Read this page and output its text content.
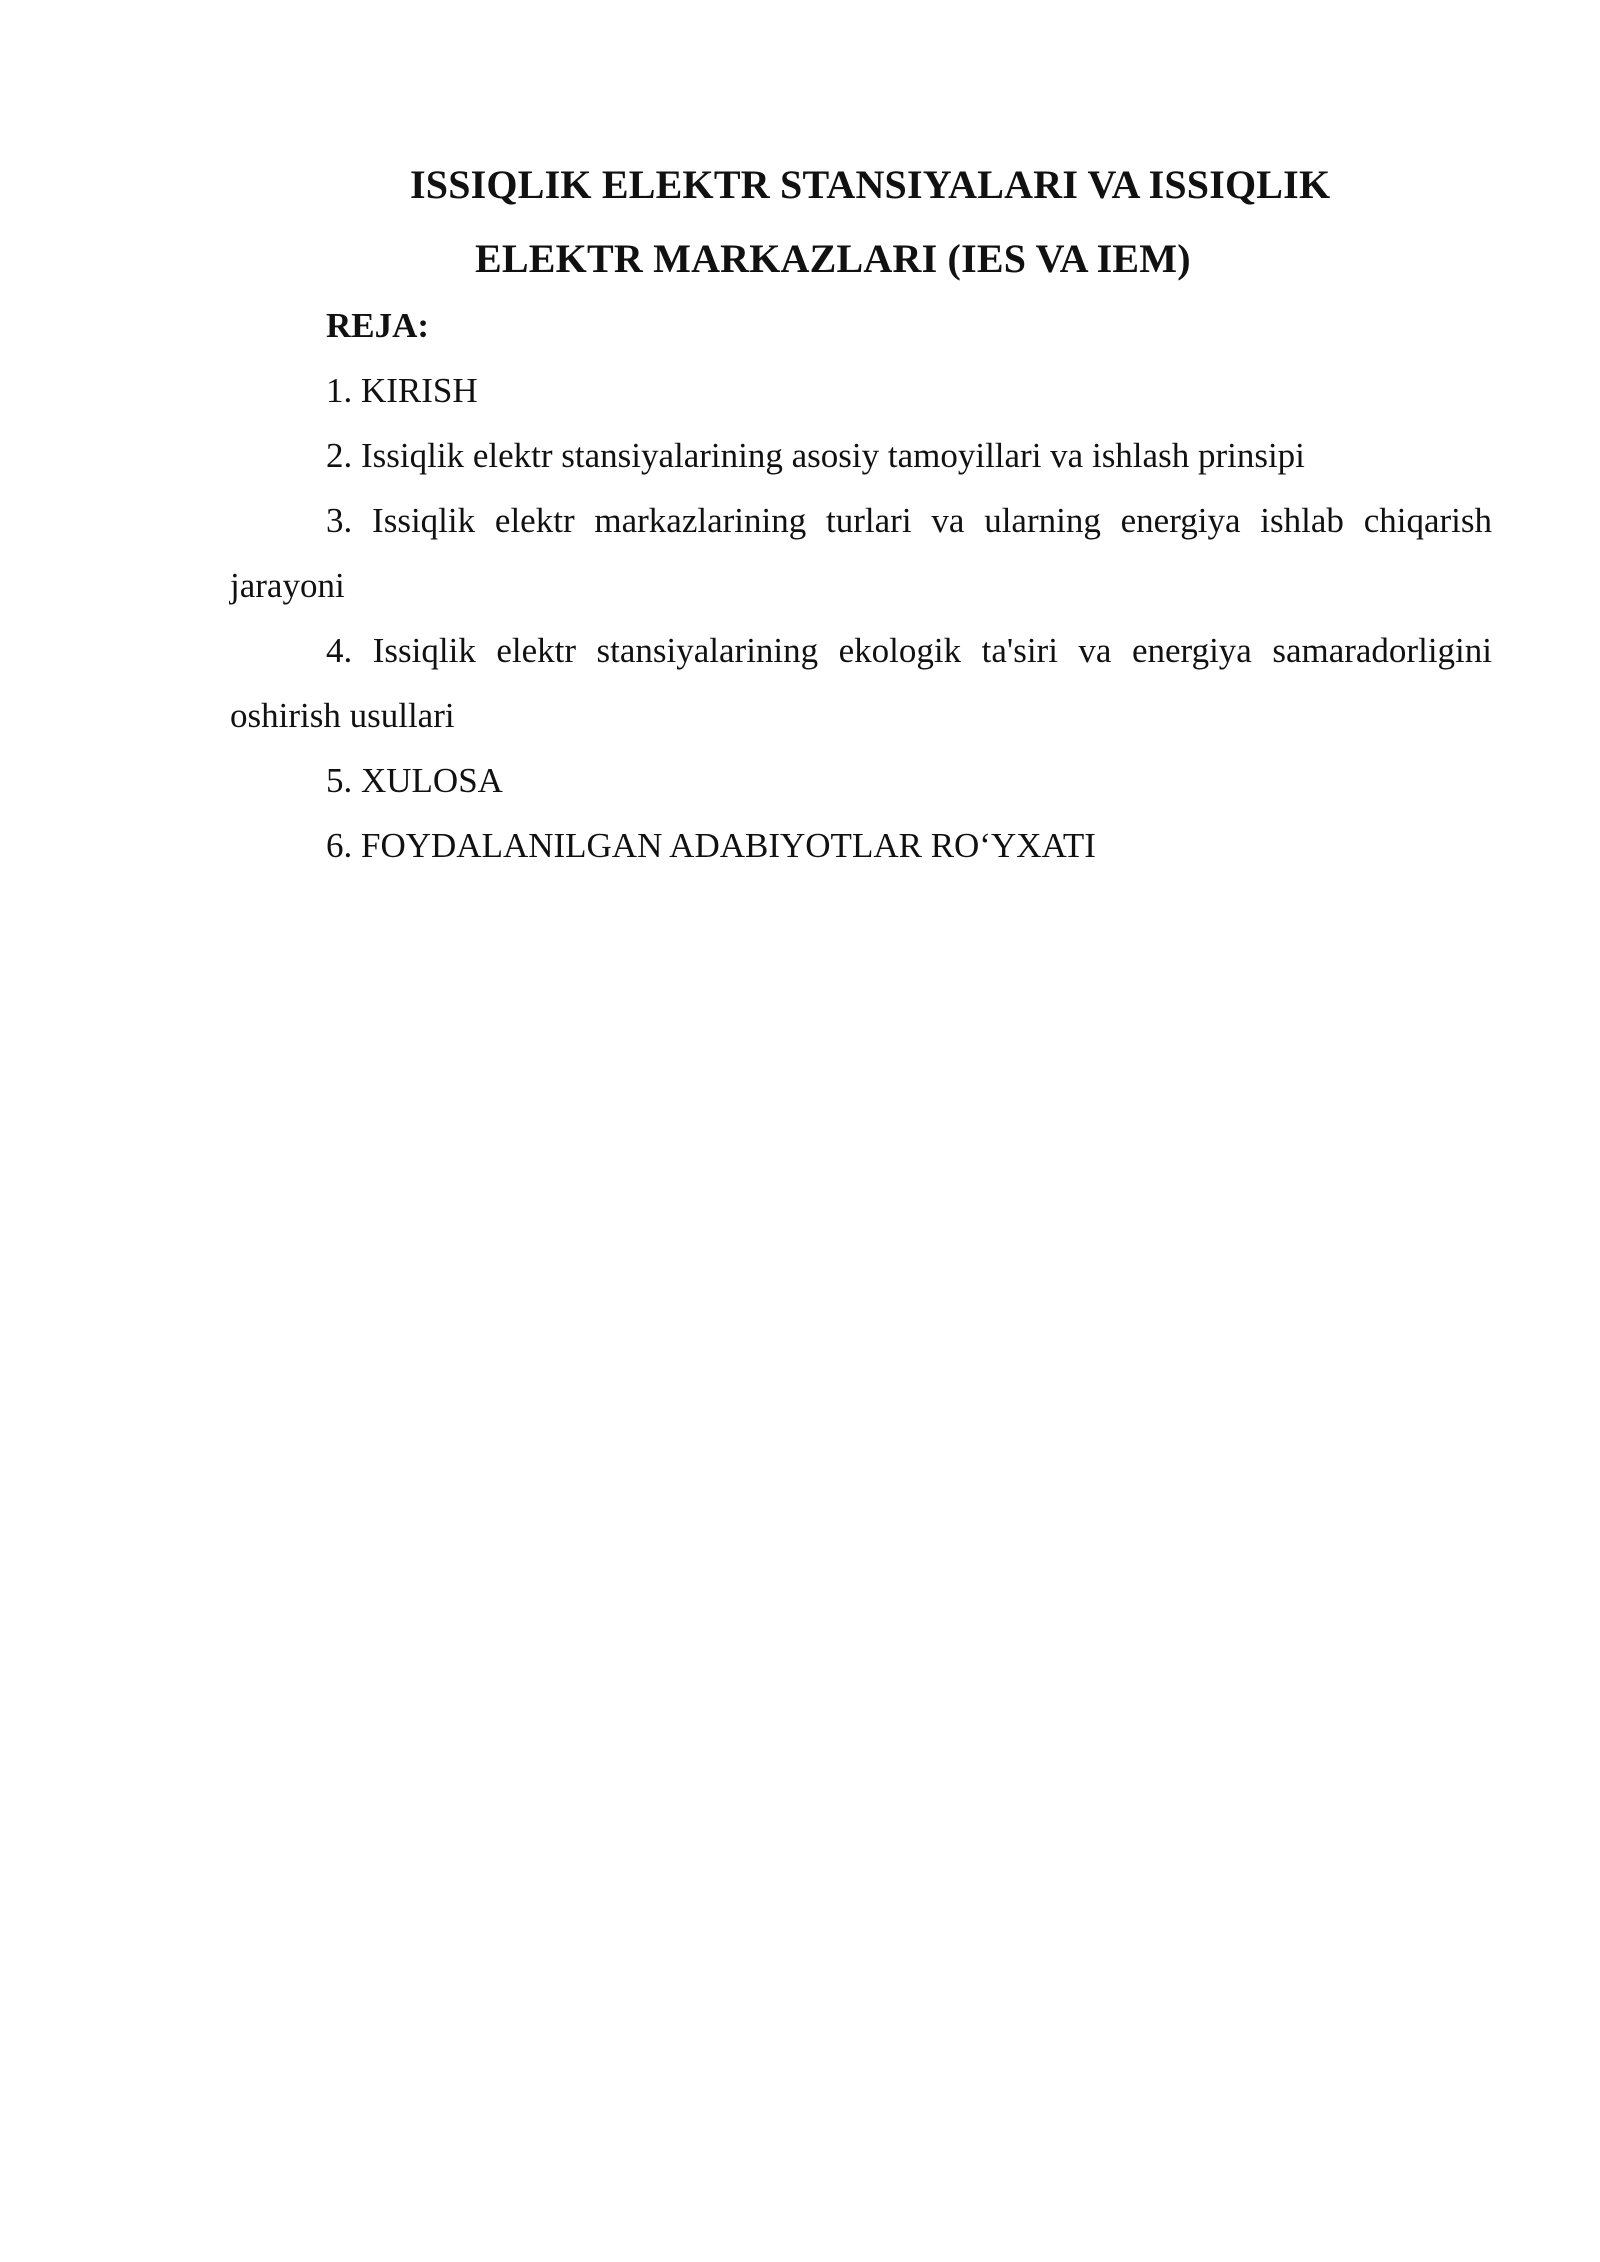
ISSIQLIK ELEKTR STANSIYALARI VA ISSIQLIK
ELEKTR MARKAZLARI (IES VA IEM)
REJA:

1. KIRISH

2. Issiqlik elektr stansiyalarining asosiy tamoyillari va ishlash prinsipi

3. Issiqlik elektr markazlarining turlari va ularning energiya ishlab chiqarish jarayoni

4. Issiqlik elektr stansiyalarining ekologik ta'siri va energiya samaradorligini oshirish usullari

5. XULOSA

6. FOYDALANILGAN ADABIYOTLAR RO‘YXATI
